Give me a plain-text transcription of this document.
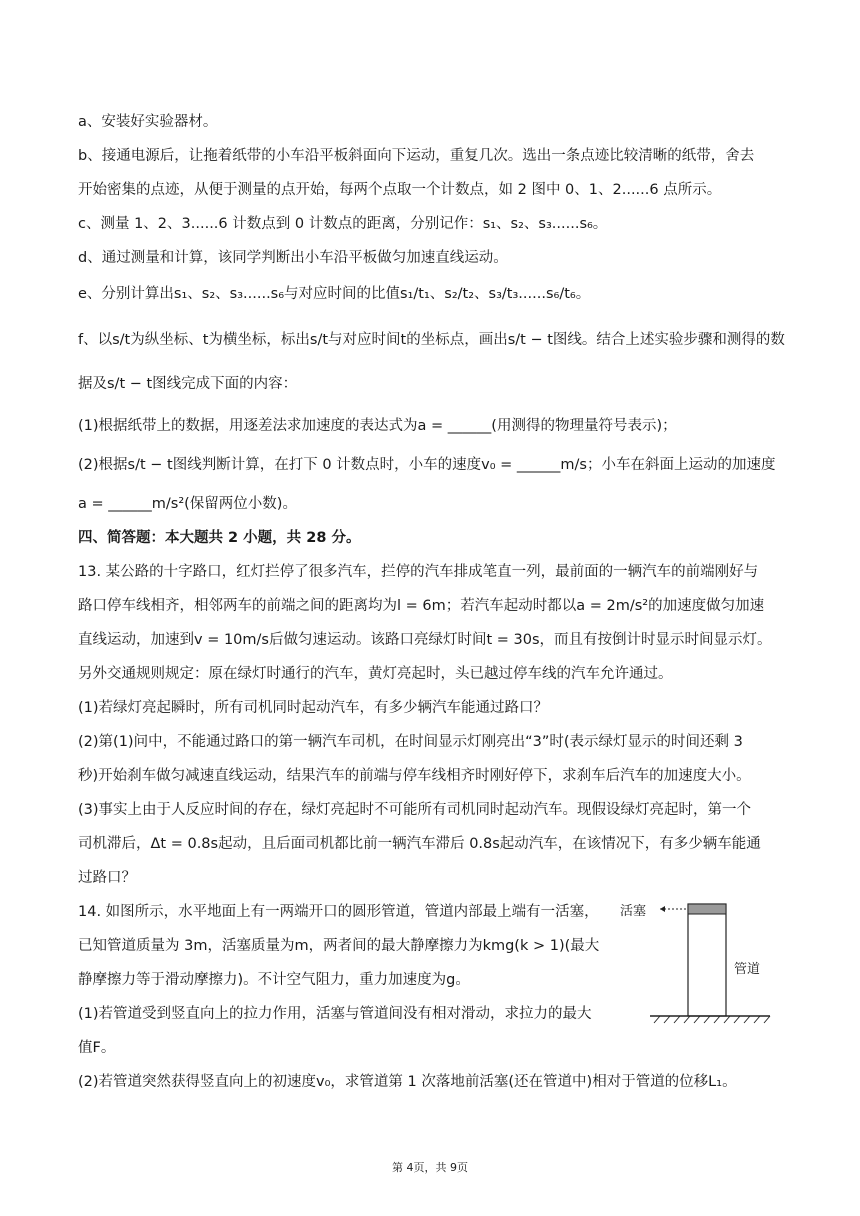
a、安装好实验器材。
b、接通电源后，让拖着纸带的小车沿平板斜面向下运动，重复几次。选出一条点迹比较清晰的纸带，舍去
开始密集的点迹，从便于测量的点开始，每两个点取一个计数点，如 2 图中 0、1、2......6 点所示。
c、测量 1、2、3......6 计数点到 0 计数点的距离，分别记作：s₁、s₂、s₃......s₆。
d、通过测量和计算，该同学判断出小车沿平板做匀加速直线运动。
e、分别计算出s₁、s₂、s₃......s₆与对应时间的比值s₁/t₁、s₂/t₂、s₃/t₃......s₆/t₆。
f、以s/t为纵坐标、t为横坐标，标出s/t与对应时间t的坐标点，画出s/t − t图线。结合上述实验步骤和测得的数
据及s/t − t图线完成下面的内容：
(1)根据纸带上的数据，用逐差法求加速度的表达式为a = ______(用测得的物理量符号表示)；
(2)根据s/t − t图线判断计算，在打下 0 计数点时，小车的速度v₀ = ______m/s；小车在斜面上运动的加速度
a = ______m/s²(保留两位小数)。
四、简答题：本大题共 2 小题，共 28 分。
13. 某公路的十字路口，红灯拦停了很多汽车，拦停的汽车排成笔直一列，最前面的一辆汽车的前端刚好与
路口停车线相齐，相邻两车的前端之间的距离均为l = 6m；若汽车起动时都以a = 2m/s²的加速度做匀加速
直线运动，加速到v = 10m/s后做匀速运动。该路口亮绿灯时间t = 30s，而且有按倒计时显示时间显示灯。
另外交通规则规定：原在绿灯时通行的汽车，黄灯亮起时，头已越过停车线的汽车允许通过。
(1)若绿灯亮起瞬时，所有司机同时起动汽车，有多少辆汽车能通过路口？
(2)第(1)问中，不能通过路口的第一辆汽车司机，在时间显示灯刚亮出“3”时(表示绿灯显示的时间还剩 3
秒)开始刹车做匀减速直线运动，结果汽车的前端与停车线相齐时刚好停下，求刹车后汽车的加速度大小。
(3)事实上由于人反应时间的存在，绿灯亮起时不可能所有司机同时起动汽车。现假设绿灯亮起时，第一个
司机滞后，Δt = 0.8s起动，且后面司机都比前一辆汽车滞后 0.8s起动汽车，在该情况下，有多少辆车能通
过路口？
14. 如图所示，水平地面上有一两端开口的圆形管道，管道内部最上端有一活塞，
已知管道质量为 3m，活塞质量为m，两者间的最大静摩擦力为kmg(k > 1)(最大
静摩擦力等于滑动摩擦力)。不计空气阻力，重力加速度为g。
(1)若管道受到竖直向上的拉力作用，活塞与管道间没有相对滑动，求拉力的最大
值F。
(2)若管道突然获得竖直向上的初速度v₀，求管道第 1 次落地前活塞(还在管道中)相对于管道的位移L₁。
活塞
管道
第 4页，共 9页
